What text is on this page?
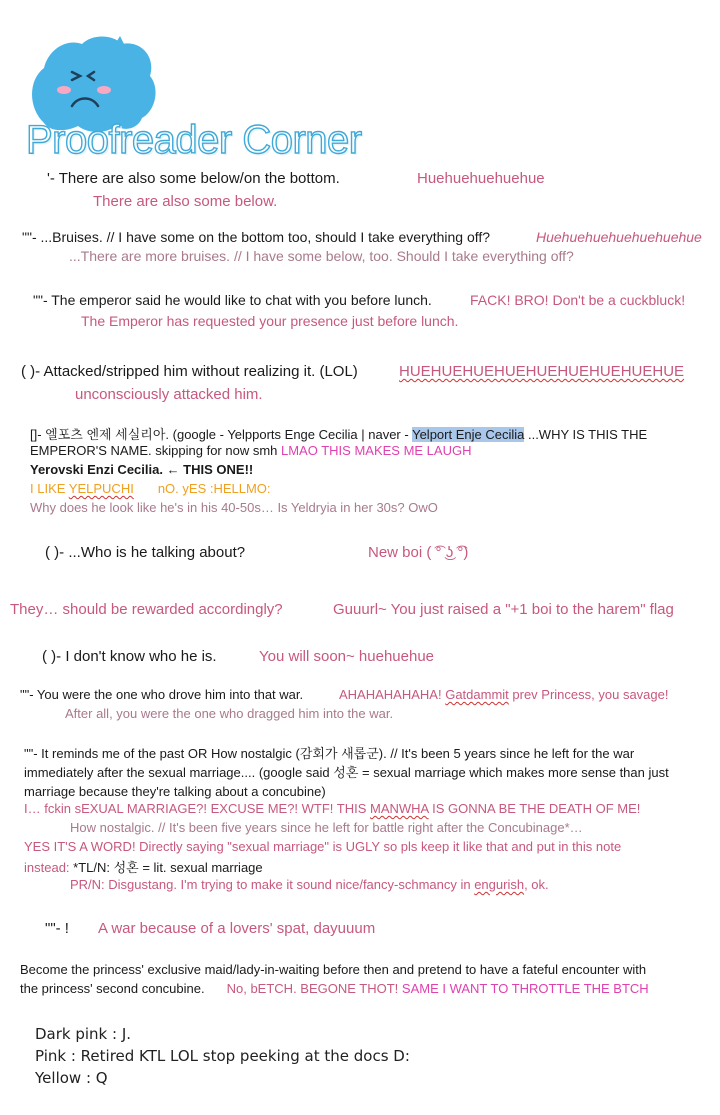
Proofreader Corner
'- There are also some below/on the bottom.	Huehuehuehuehue
There are also some below.
""- ...Bruises. // I have some on the bottom too, should I take everything off?	Huehuehuehuehuehuehue
...There are more bruises. // I have some below, too. Should I take everything off?
""- The emperor said he would like to chat with you before lunch.	FACK! BRO! Don't be a cuckbluck!
The Emperor has requested your presence just before lunch.
( )- Attacked/stripped him without realizing it. (LOL)	HUEHUEHUEHUEHUEHUEHUEHUEHUE
unconsciously attacked him.
[]- 엘포츠 엔제 세실리아. (google - Yelpports Enge Cecilia | naver - Yelport Enje Cecilia ...WHY IS THIS THE
EMPEROR'S NAME. skipping for now smh LMAO THIS MAKES ME LAUGH
Yerovski Enzi Cecilia. ← THIS ONE!!
I LIKE YELPUCHI nO. yES :HELLMO:
Why does he look like he's in his 40-50s… Is Yeldryia in her 30s? OwO
( )- ...Who is he talking about?	New boi ( ͡° ͜ʖ ͡°)
They… should be rewarded accordingly?	Guuurl~ You just raised a "+1 boi to the harem" flag
( )- I don't know who he is.	You will soon~ huehuehue
""- You were the one who drove him into that war.	AHAHAHAHAHA! Gatdammit prev Princess, you savage!
After all, you were the one who dragged him into the war.
""- It reminds me of the past OR How nostalgic (감회가 새롭군). // It's been 5 years since he left for the war immediately after the sexual marriage.... (google said 성혼 = sexual marriage which makes more sense than just marriage because they're talking about a concubine)
I… fckin sEXUAL MARRIAGE?! EXCUSE ME?! WTF! THIS MANWHA IS GONNA BE THE DEATH OF ME!
How nostalgic. // It's been five years since he left for battle right after the Concubinage*…
YES IT'S A WORD! Directly saying "sexual marriage" is UGLY so pls keep it like that and put in this note
instead: *TL/N: 성혼 = lit. sexual marriage
PR/N: Disgustang. I'm trying to make it sound nice/fancy-schmancy in engurish, ok.
""- ! A war because of a lovers' spat, dayuuum
Become the princess' exclusive maid/lady-in-waiting before then and pretend to have a fateful encounter with
the princess' second concubine. No, bETCH. BEGONE THOT! SAME I WANT TO THROTTLE THE BTCH
Dark pink : J.
Pink : Retired KTL LOL stop peeking at the docs D:
Yellow : Q
